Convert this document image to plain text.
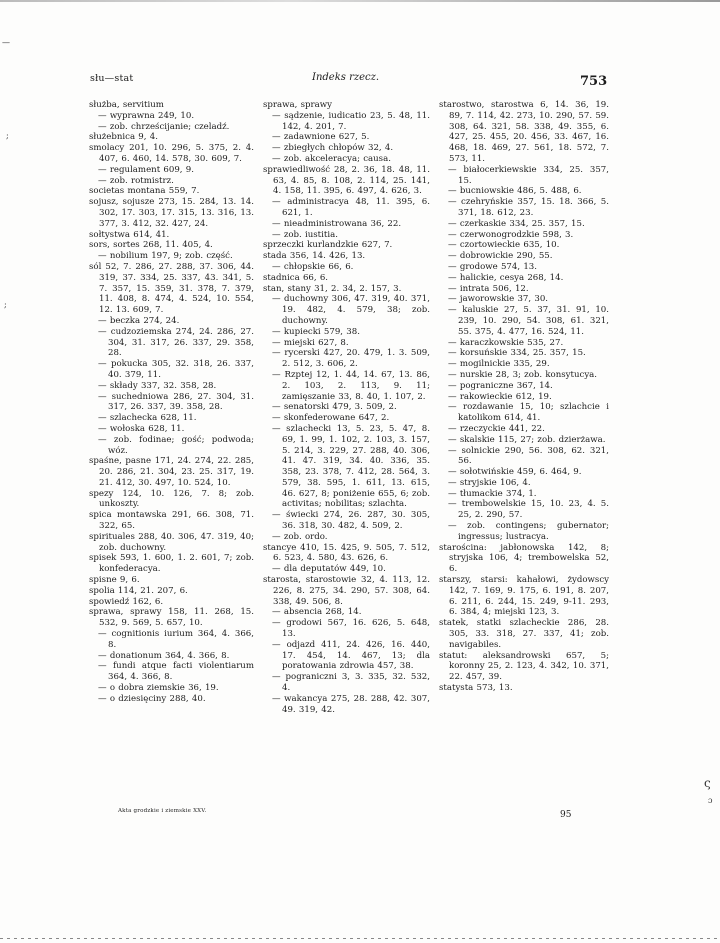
słu—stat	Indeks rzecz.	753

służba, servitium

— wyprawna 249, 10.

— zob. chrześcijanie; czeladź.

służebnica 9, 4.

smolacy 201, 10. 296, 5. 375, 2. 4. 407, 6. 460, 14. 578, 30. 609, 7.

— regulament 609, 9.

— zob. rotmistrz.

societas montana 559, 7.

sojusz, sojusze 273, 15. 284, 13. 14. 302, 17. 303, 17. 315, 13. 316, 13. 377, 3. 412, 32. 427, 24.

sołtystwa 614, 41.

sors, sortes 268, 11. 405, 4.

— nobilium 197, 9; zob. część.

sól 52, 7. 286, 27. 288, 37. 306, 44. 319, 37. 334, 25. 337, 43. 341, 5. 7. 357, 15. 359, 31. 378, 7. 379, 11. 408, 8. 474, 4. 524, 10. 554, 12. 13. 609, 7.

— beczka 274, 24.

— cudzoziemska 274, 24. 286, 27. 304, 31. 317, 26. 337, 29. 358, 28.

— pokucka 305, 32. 318, 26. 337, 40. 379, 11.

— składy 337, 32. 358, 28.

— suchedniowa 286, 27. 304, 31. 317, 26. 337, 39. 358, 28.

— szlachecka 628, 11.

— wołoska 628, 11.

— zob. fodinae; gość; podwoda; wóz.

spaśne, pasne 171, 24. 274, 22. 285, 20. 286, 21. 304, 23. 25. 317, 19. 21. 412, 30. 497, 10. 524, 10.

spezy 124, 10. 126, 7. 8; zob. unkoszty.

spica montawska 291, 66. 308, 71. 322, 65.

spirituales 288, 40. 306, 47. 319, 40; zob. duchowny.

spisek 593, 1. 600, 1. 2. 601, 7; zob. konfederacya.

spisne 9, 6.

spolia 114, 21. 207, 6.

spowiedź 162, 6.

sprawa, sprawy 158, 11. 268, 15. 532, 9. 569, 5. 657, 10.

— cognitionis iurium 364, 4. 366, 8.

— donationum 364, 4. 366, 8.

— fundi atque facti violentiarum 364, 4. 366, 8.

— o dobra ziemskie 36, 19.

— o dziesięciny 288, 40.

sprawa, sprawy

— sądzenie, iudicatio 23, 5. 48, 11. 142, 4. 201, 7.

— zadawnione 627, 5.

— zbiegłych chłopów 32, 4.

— zob. akceleracya; causa.

sprawiedliwość 28, 2. 36, 18. 48, 11. 63, 4. 85, 8. 108, 2. 114, 25. 141, 4. 158, 11. 395, 6. 497, 4. 626, 3.

— administracya 48, 11. 395, 6. 621, 1.

— nieadministrowana 36, 22.

— zob. iustitia.

sprzeczki kurlandzkie 627, 7.

stada 356, 14. 426, 13.

— chłopskie 66, 6.

stadnica 66, 6.

stan, stany 31, 2. 34, 2. 157, 3.

— duchowny 306, 47. 319, 40. 371, 19. 482, 4. 579, 38; zob. duchowny.

— kupiecki 579, 38.

— miejski 627, 8.

— rycerski 427, 20. 479, 1. 3. 509, 2. 512, 3. 606, 2.

— Rzptej 12, 1. 44, 14. 67, 13. 86, 2. 103, 2. 113, 9. 11; zamięszanie 33, 8. 40, 1. 107, 2.

— senatorski 479, 3. 509, 2.

— skonfederowane 647, 2.

— szlachecki 13, 5. 23, 5. 47, 8. 69, 1. 99, 1. 102, 2. 103, 3. 157, 5. 214, 3. 229, 27. 288, 40. 306, 41. 47. 319, 34. 40. 336, 35. 358, 23. 378, 7. 412, 28. 564, 3. 579, 38. 595, 1. 611, 13. 615, 46. 627, 8; poniżenie 655, 6; zob. activitas; nobilitas; szlachta.

— świecki 274, 26. 287, 30. 305, 36. 318, 30. 482, 4. 509, 2.

— zob. ordo.

stancye 410, 15. 425, 9. 505, 7. 512, 6. 523, 4. 580, 43. 626, 6.

— dla deputatów 449, 10.

starosta, starostowie 32, 4. 113, 12. 226, 8. 275, 34. 290, 57. 308, 64. 338, 49. 506, 8.

— absencia 268, 14.

— grodowi 567, 16. 626, 5. 648, 13.

— odjazd 411, 24. 426, 16. 440, 17. 454, 14. 467, 13; dla poratowania zdrowia 457, 38.

— pograniczni 3, 3. 335, 32. 532, 4.

— wakancya 275, 28. 288, 42. 307, 49. 319, 42.

starostwo, starostwa 6, 14. 36, 19. 89, 7. 114, 42. 273, 10. 290, 57. 59. 308, 64. 321, 58. 338, 49. 355, 6. 427, 25. 455, 20. 456, 33. 467, 16. 468, 18. 469, 27. 561, 18. 572, 7. 573, 11.

— białocerkiewskie 334, 25. 357, 15.

— bucniowskie 486, 5. 488, 6.

— czehryńskie 357, 15. 18. 366, 5. 371, 18. 612, 23.

— czerkaskie 334, 25. 357, 15.

— czerwonogrodzkie 598, 3.

— czortowieckie 635, 10.

— dobrowickie 290, 55.

— grodowe 574, 13.

— halickie, cesya 268, 14.

— intrata 506, 12.

— jaworowskie 37, 30.

— kaluskie 27, 5. 37, 31. 91, 10. 239, 10. 290, 54. 308, 61. 321, 55. 375, 4. 477, 16. 524, 11.

— karaczkowskie 535, 27.

— korsuńskie 334, 25. 357, 15.

— mogilnickie 335, 29.

— nurskie 28, 3; zob. konsytucya.

— pograniczne 367, 14.

— rakowieckie 612, 19.

— rozdawanie 15, 10; szlachcie i katolikom 614, 41.

— rzeczyckie 441, 22.

— skalskie 115, 27; zob. dzierżawa.

— solnickie 290, 56. 308, 62. 321, 56.

— sołotwińskie 459, 6. 464, 9.

— stryjskie 106, 4.

— tłumackie 374, 1.

— trembowelskie 15, 10. 23, 4. 5. 25, 2. 290, 57.

— zob. contingens; gubernator; ingressus; lustracya.

starościna: jabłonowska 142, 8; stryjska 106, 4; trembowelska 52, 6.

starszy, starsi: kahałowi, żydowscy 142, 7. 169, 9. 175, 6. 191, 8. 207, 6. 211, 6. 244, 15. 249, 9-11. 293, 6. 384, 4; miejski 123, 3.

statek, statki szlacheckie 286, 28. 305, 33. 318, 27. 337, 41; zob. navigabiles.

statut: aleksandrowski 657, 5; koronny 25, 2. 123, 4. 342, 10. 371, 22. 457, 39.

statysta 573, 13.

Akta grodzkie i ziemskie XXV.	95
—
;
;
ς
ɔ
